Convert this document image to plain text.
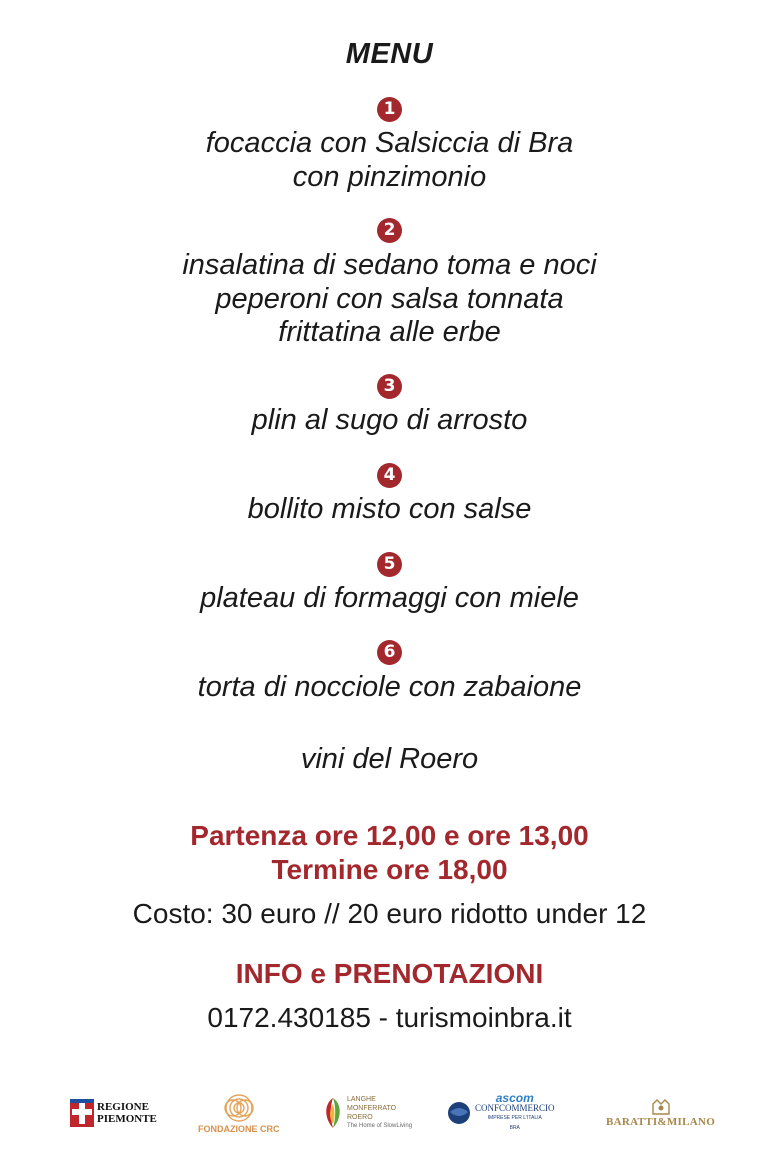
MENU
1
focaccia con Salsiccia di Bra
con pinzimonio
2
insalatina di sedano toma e noci
peperoni con salsa tonnata
frittatina alle erbe
3
plin al sugo di arrosto
4
bollito misto con salse
5
plateau di formaggi con miele
6
torta di nocciole con zabaione
vini del Roero
Partenza ore 12,00 e ore 13,00
Termine ore 18,00
Costo: 30 euro // 20 euro ridotto under 12
INFO e PRENOTAZIONI
0172.430185 - turismoinbra.it
REGIONE
PIEMONTE
FONDAZIONE CRC
LANGHE
MONFERRATO
ROERO
The Home of SlowLiving
ascom
CONFCOMMERCIO
IMPRESE PER L'ITALIA
BRA	BARATTI&MILANO
